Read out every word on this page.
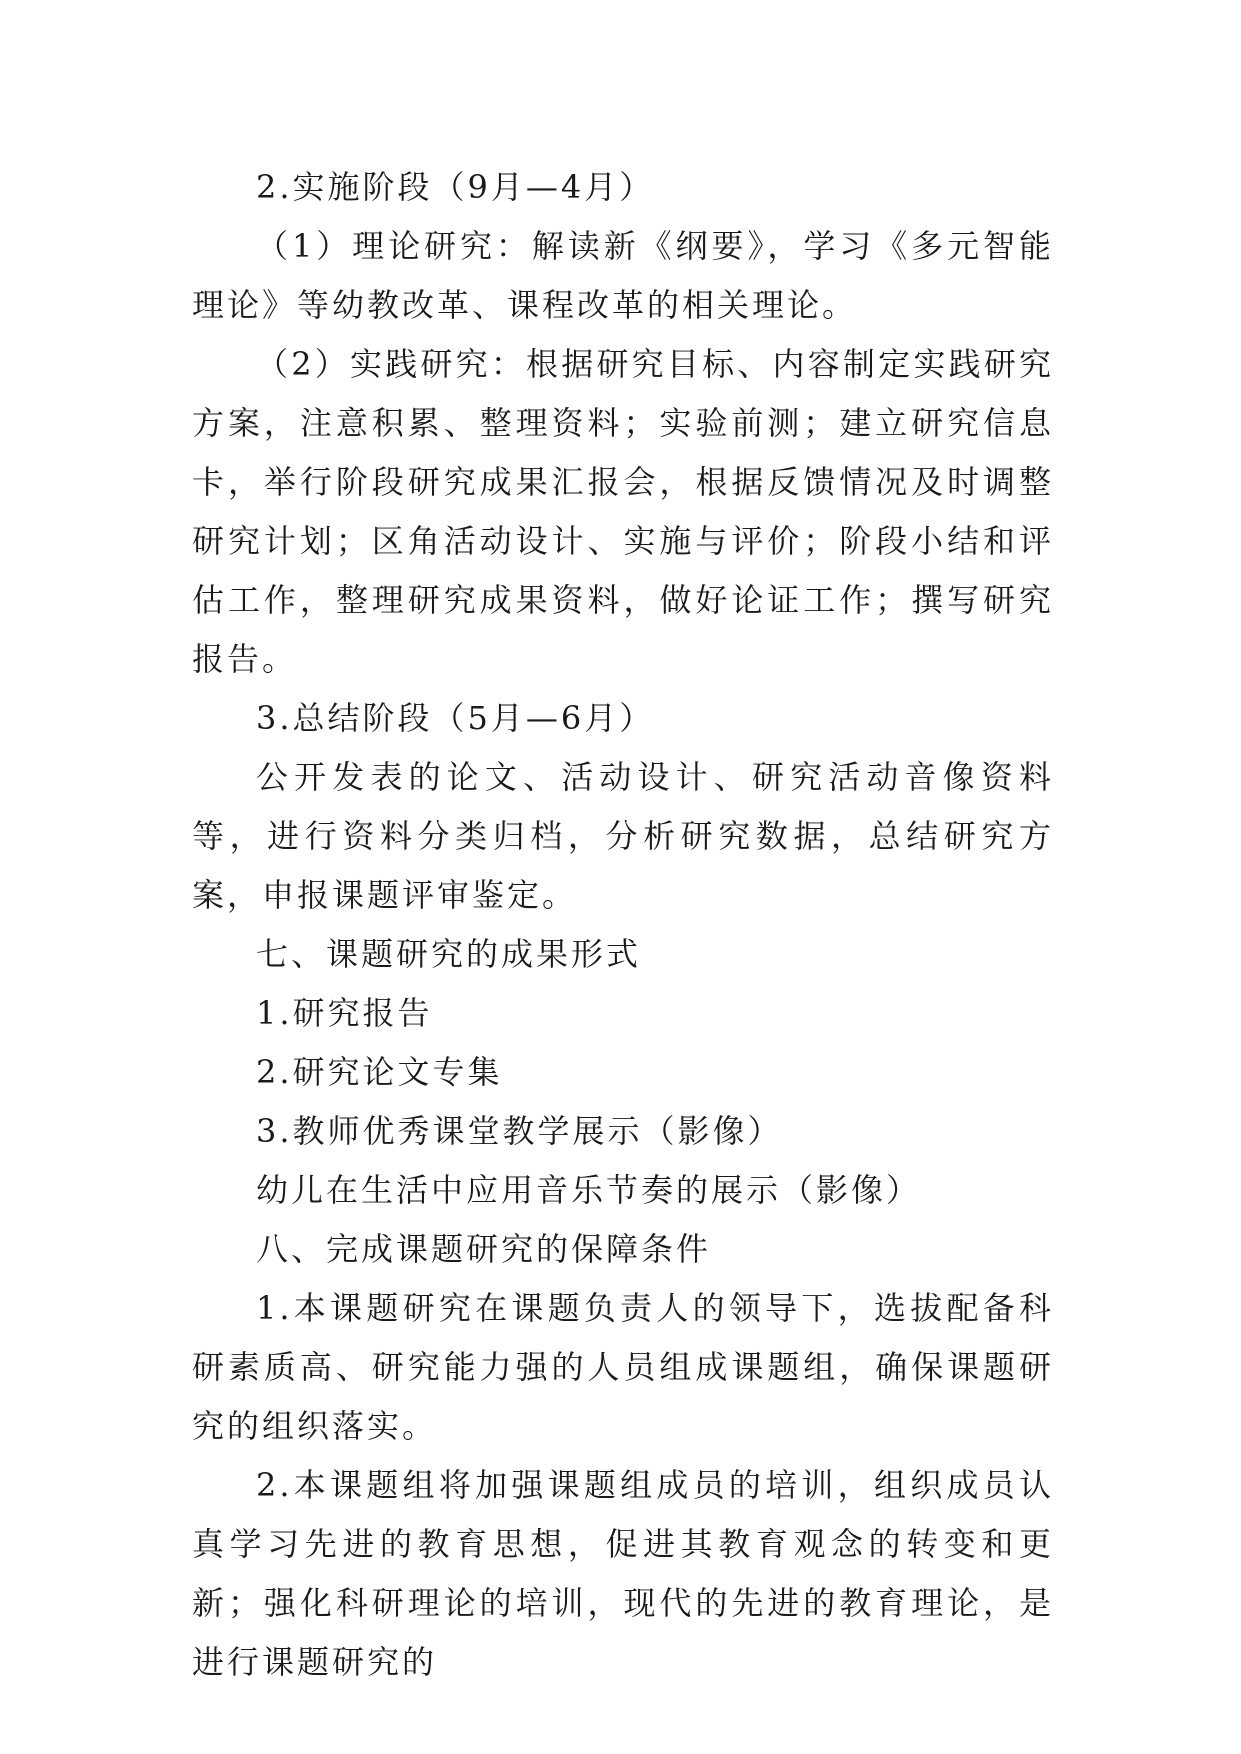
2.实施阶段（9月—4月）

（1）理论研究：解读新《纲要》，学习《多元智能理论》等幼教改革、课程改革的相关理论。

（2）实践研究：根据研究目标、内容制定实践研究方案，注意积累、整理资料；实验前测；建立研究信息卡，举行阶段研究成果汇报会，根据反馈情况及时调整研究计划；区角活动设计、实施与评价；阶段小结和评估工作，整理研究成果资料，做好论证工作；撰写研究报告。

3.总结阶段（5月—6月）

公开发表的论文、活动设计、研究活动音像资料等，进行资料分类归档，分析研究数据，总结研究方案，申报课题评审鉴定。

七、课题研究的成果形式

1.研究报告

2.研究论文专集

3.教师优秀课堂教学展示（影像）

幼儿在生活中应用音乐节奏的展示（影像）

八、完成课题研究的保障条件

1.本课题研究在课题负责人的领导下，选拔配备科研素质高、研究能力强的人员组成课题组，确保课题研究的组织落实。

2.本课题组将加强课题组成员的培训，组织成员认真学习先进的教育思想，促进其教育观念的转变和更新；强化科研理论的培训，现代的先进的教育理论，是进行课题研究的
